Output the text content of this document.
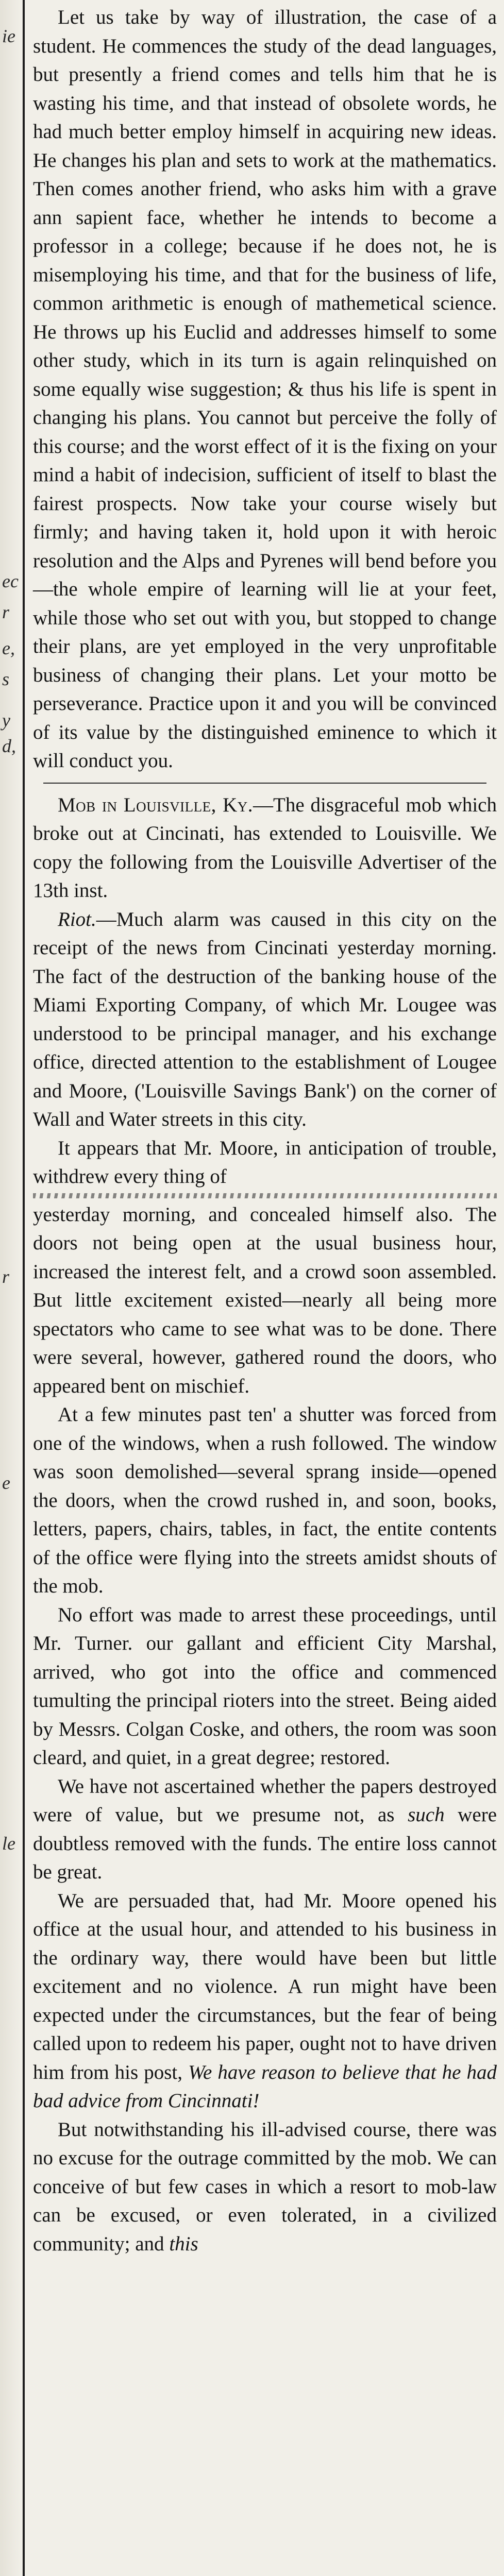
ie
ec
r
e,
s
y
d,
r
e
le

Let us take by way of illustration, the case of a student. He commences the study of the dead languages, but presently a friend comes and tells him that he is wasting his time, and that instead of obsolete words, he had much better employ himself in acquiring new ideas. He changes his plan and sets to work at the mathematics. Then comes another friend, who asks him with a grave ann sapient face, whether he intends to become a professor in a college; because if he does not, he is misemploying his time, and that for the business of life, common arithmetic is enough of mathemetical science. He throws up his Euclid and addresses himself to some other study, which in its turn is again relinquished on some equally wise suggestion; & thus his life is spent in changing his plans. You cannot but perceive the folly of this course; and the worst effect of it is the fixing on your mind a habit of indecision, sufficient of itself to blast the fairest prospects. Now take your course wisely but firmly; and having taken it, hold upon it with heroic resolution and the Alps and Pyrenes will bend before you—the whole empire of learning will lie at your feet, while those who set out with you, but stopped to change their plans, are yet employed in the very unprofitable business of changing their plans. Let your motto be perseverance. Practice upon it and you will be convinced of its value by the distinguished eminence to which it will conduct you.

Mob in Louisville, Ky.—The disgraceful mob which broke out at Cincinati, has extended to Louisville. We copy the following from the Louisville Advertiser of the 13th inst.

Riot.—Much alarm was caused in this city on the receipt of the news from Cincinati yesterday morning. The fact of the destruction of the banking house of the Miami Exporting Company, of which Mr. Lougee was understood to be principal manager, and his exchange office, directed attention to the establishment of Lougee and Moore, ('Louisville Savings Bank') on the corner of Wall and Water streets in this city.

It appears that Mr. Moore, in anticipation of trouble, withdrew every thing of

yesterday morning, and concealed himself also. The doors not being open at the usual business hour, increased the interest felt, and a crowd soon assembled. But little excitement existed—nearly all being more spectators who came to see what was to be done. There were several, however, gathered round the doors, who appeared bent on mischief.

At a few minutes past ten' a shutter was forced from one of the windows, when a rush followed. The window was soon demolished—several sprang inside—opened the doors, when the crowd rushed in, and soon, books, letters, papers, chairs, tables, in fact, the entite contents of the office were flying into the streets amidst shouts of the mob.

No effort was made to arrest these proceedings, until Mr. Turner. our gallant and efficient City Marshal, arrived, who got into the office and commenced tumulting the principal rioters into the street. Being aided by Messrs. Colgan Coske, and others, the room was soon cleard, and quiet, in a great degree; restored.

We have not ascertained whether the papers destroyed were of value, but we presume not, as such were doubtless removed with the funds. The entire loss cannot be great.

We are persuaded that, had Mr. Moore opened his office at the usual hour, and attended to his business in the ordinary way, there would have been but little excitement and no violence. A run might have been expected under the circumstances, but the fear of being called upon to redeem his paper, ought not to have driven him from his post, We have reason to believe that he had bad advice from Cincinnati!

But notwithstanding his ill-advised course, there was no excuse for the outrage committed by the mob. We can conceive of but few cases in which a resort to mob-law can be excused, or even tolerated, in a civilized community; and this
